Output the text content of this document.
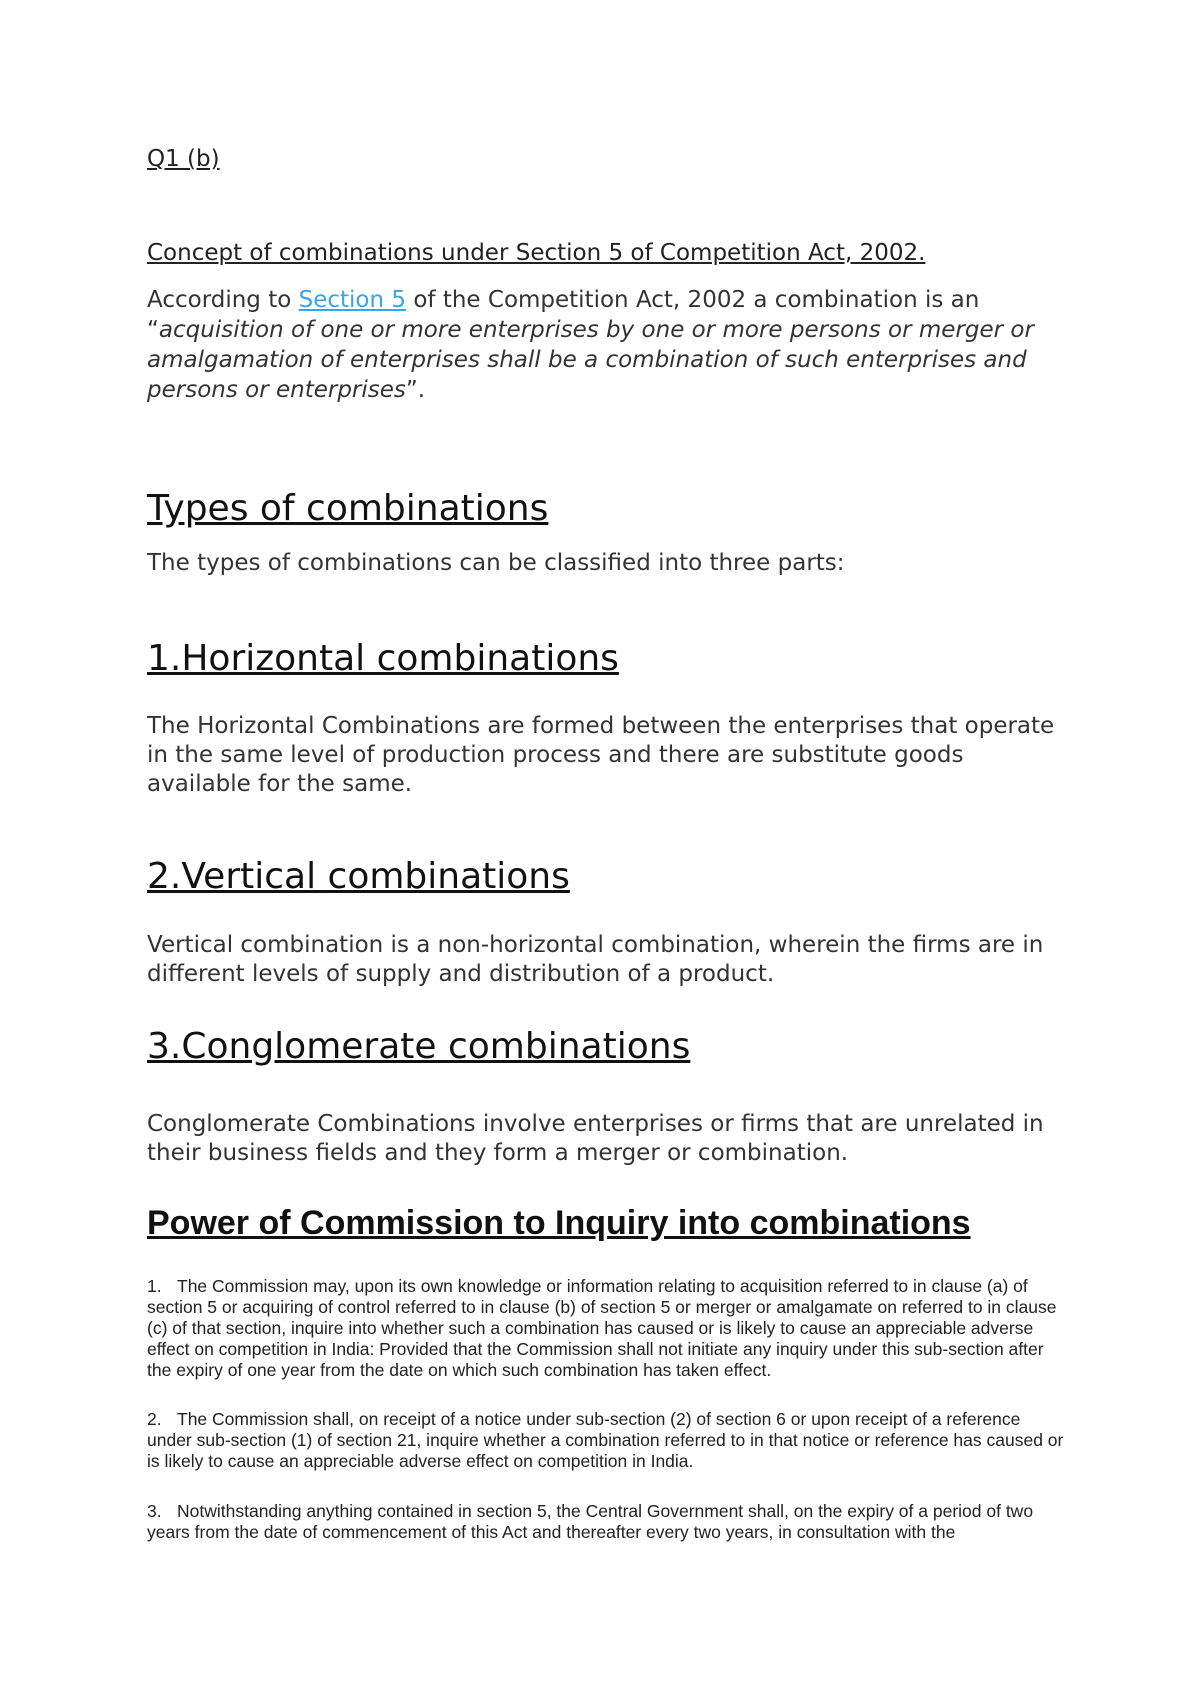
Q1 (b)

Concept of combinations under Section 5 of Competition Act, 2002.

According to Section 5 of the Competition Act, 2002 a combination is an “acquisition of one or more enterprises by one or more persons or merger or amalgamation of enterprises shall be a combination of such enterprises and persons or enterprises”.

Types of combinations

The types of combinations can be classified into three parts:

1.Horizontal combinations

The Horizontal Combinations are formed between the enterprises that operate in the same level of production process and there are substitute goods available for the same.

2.Vertical combinations

Vertical combination is a non-horizontal combination, wherein the firms are in different levels of supply and distribution of a product.

3.Conglomerate combinations

Conglomerate Combinations involve enterprises or firms that are unrelated in their business fields and they form a merger or combination.

Power of Commission to Inquiry into combinations

1. The Commission may, upon its own knowledge or information relating to acquisition referred to in clause (a) of section 5 or acquiring of control referred to in clause (b) of section 5 or merger or amalgamate on referred to in clause (c) of that section, inquire into whether such a combination has caused or is likely to cause an appreciable adverse effect on competition in India: Provided that the Commission shall not initiate any inquiry under this sub-section after the expiry of one year from the date on which such combination has taken effect.

2. The Commission shall, on receipt of a notice under sub-section (2) of section 6 or upon receipt of a reference under sub-section (1) of section 21, inquire whether a combination referred to in that notice or reference has caused or is likely to cause an appreciable adverse effect on competition in India.

3. Notwithstanding anything contained in section 5, the Central Government shall, on the expiry of a period of two years from the date of commencement of this Act and thereafter every two years, in consultation with the
